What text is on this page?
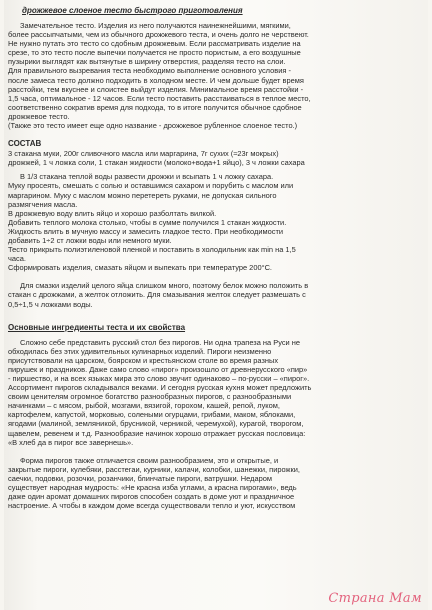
дрожжевое слоеное тесто быстрого приготовления

Замечательное тесто. Изделия из него получаются наинежнейшими, мягкими,

более рассыпчатыми, чем из обычного дрожжевого теста, и очень долго не черствеют.

Не нужно путать это тесто со сдобным дрожжевым. Если рассматривать изделие на

срезе, то это тесто после выпечки получается не просто пористым, а его воздушные

пузырики выглядят как вытянутые в ширину отверстия, разделяя тесто на слои.

Для правильного вызревания теста необходимо выполнение основного условия -

после замеса тесто должно подходить в холодном месте. И чем дольше будет время

расстойки, тем вкуснее и слоистее выйдут изделия. Минимальное время расстойки -

1,5 часа, оптимальное - 12 часов. Если тесто поставить расстаиваться в теплое место,

соответственно сократив время для подхода, то в итоге получится обычное сдобное

дрожжевое тесто.

(Также это тесто имеет еще одно название - дрожжевое рубленное слоеное тесто.)

СОСТАВ

3 стакана муки, 200г сливочного масла или маргарина, 7г сухих (≈23г мокрых)

дрожжей, 1 ч ложка соли, 1 стакан жидкости (молоко+вода+1 яйцо), 3 ч ложки сахара

В 1/3 стакана теплой воды развести дрожжи и всыпать 1 ч ложку сахара.

Муку просеять, смешать с солью и оставшимся сахаром и порубить с маслом или

маргарином. Муку с маслом можно перетереть руками, не допуская сильного

размягчения масла.

В дрожжевую воду влить яйцо и хорошо разболтать вилкой.

Добавить теплого молока столько, чтобы в сумме получился 1 стакан жидкости.

Жидкость влить в мучную массу и замесить гладкое тесто. При необходимости

добавить 1÷2 ст ложки воды или немного муки.

Тесто прикрыть полиэтиленовой пленкой и поставить в холодильник как min на 1,5

часа.

Сформировать изделия, смазать яйцом и выпекать при температуре 200°С.

Для смазки изделий целого яйца слишком много, поэтому белок можно положить в

стакан с дрожжами, а желток отложить. Для смазывания желток следует размешать с

0,5÷1,5 ч ложками воды.

Основные ингредиенты теста и их свойства

Сложно себе представить русский стол без пирогов. Ни одна трапеза на Руси не

обходилась без этих удивительных кулинарных изделий. Пироги неизменно

присутствовали на царском, боярском и крестьянском столе во время разных

пирушек и праздников. Даже само слово «пирог» произошло от древнерусского «пир»

- пиршество, и на всех языках мира это слово звучит одинаково – по-русски – «пирог».

Ассортимент пирогов складывался веками. И сегодня русская кухня может предложить

своим ценителям огромное богатство разнообразных пирогов, с разнообразными

начинками – с мясом, рыбой, мозгами, вязигой, горохом, кашей, репой, луком,

картофелем, капустой, морковью, солеными огурцами, грибами, маком, яблоками,

ягодами (малиной, земляникой, брусникой, черникой, черемухой), курагой, творогом,

щавелем, ревенем и т.д. Разнообразие начинок хорошо отражает русская пословица:

«В хлеб да в пирог все завернешь».

Форма пирогов также отличается своим разнообразием, это и открытые, и

закрытые пироги, кулебяки, расстегаи, курники, калачи, колобки, шанежки, пирожки,

саечки, подовки, розочки, розанчики, блинчатые пироги, ватрушки. Недаром

существует народная мудрость: «Не красна изба углами, а красна пирогами», ведь

даже один аромат домашних пирогов способен создать в доме уют и праздничное

настроение. А чтобы в каждом доме всегда существовали тепло и уют, искусством

Страна Мам
